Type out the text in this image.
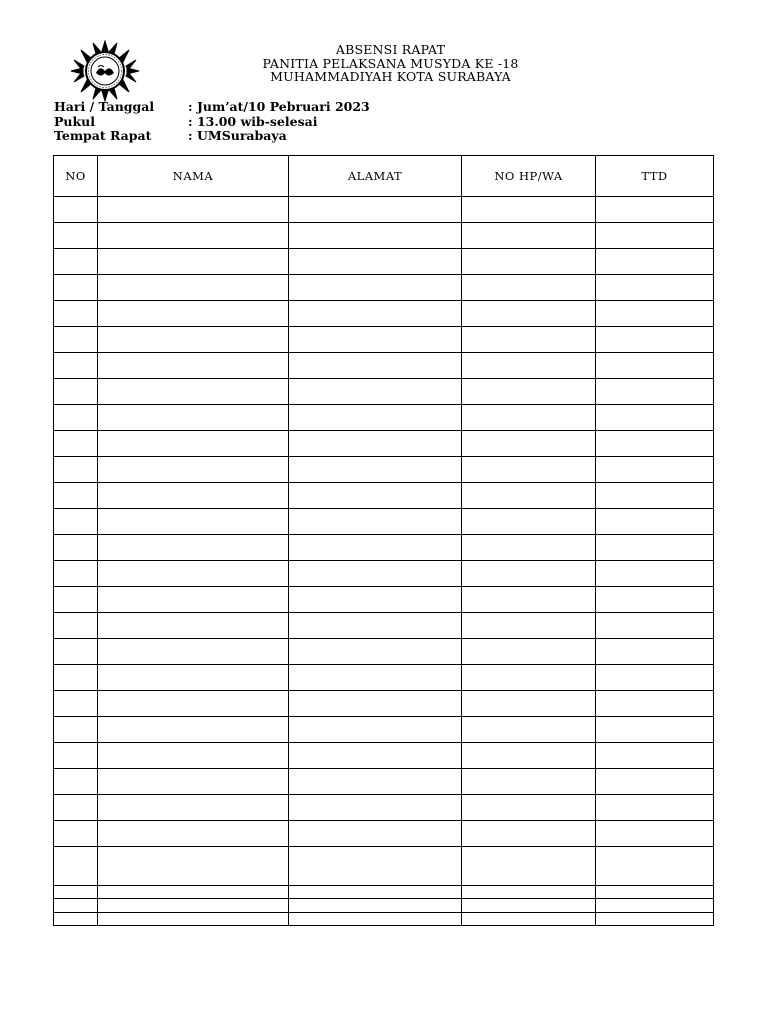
ABSENSI RAPAT
PANITIA PELAKSANA MUSYDA KE -18
MUHAMMADIYAH KOTA SURABAYA
Hari / Tanggal	: Jum’at/10 Pebruari 2023
Pukul	: 13.00 wib-selesai
Tempat Rapat	: UMSurabaya
NO	NAMA	ALAMAT	NO HP/WA	TTD
